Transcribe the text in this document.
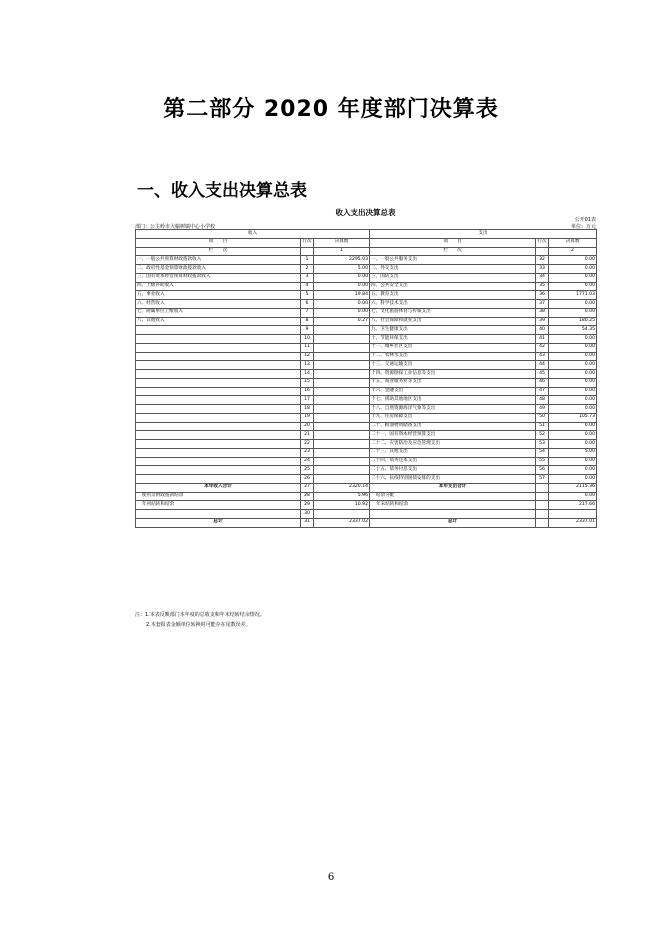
第二部分 2020 年度部门决算表
一、收入支出决算总表
收入支出决算总表
公开01表
单位：万元
部门：公主岭市大榆树镇中心小学校
收入			支出		
项　　目	行次	决算数	项　　目	行次	决算数
栏　　次		1	栏　　次		2
一、一般公共预算财政拨款收入	1	2295.03	一、一般公共服务支出	32	0.00
二、政府性基金预算财政拨款收入	2	5.00	二、外交支出	33	0.00
三、国有资本经营预算财政拨款收入	3	0.00	三、国防支出	34	0.00
四、上级补助收入	4	0.00	四、公共安全支出	35	0.00
五、事业收入	5	19.84	五、教育支出	36	1771.03
六、经营收入	6	0.00	六、科学技术支出	37	0.00
七、附属单位上缴收入	7	0.00	七、文化旅游体育与传媒支出	38	0.00
八、其他收入	8	0.27	八、社会保障和就业支出	39	180.25
	9		九、卫生健康支出	40	54.35
	10		十、节能环保支出	41	0.00
	11		十一、城乡社区支出	42	0.00
	12		十二、农林水支出	43	0.00
	13		十三、交通运输支出	44	0.00
	14		十四、资源勘探工业信息等支出	45	0.00
	15		十五、商业服务业等支出	46	0.00
	16		十六、金融支出	47	0.00
	17		十七、援助其他地区支出	48	0.00
	18		十八、自然资源海洋气象等支出	49	0.00
	19		十九、住房保障支出	50	105.73
	20		二十、粮油物资储备支出	51	0.00
	21		二十一、国有资本经营预算支出	52	0.00
	22		二十二、灾害防治及应急管理支出	53	0.00
	23		二十三、其他支出	54	5.00
	24		二十四、债务还本支出	55	0.00
	25		二十五、债务付息支出	56	0.00
	26		二十六、抗疫特别国债安排的支出	57	0.00
本年收入合计	27	2320.14	本年支出合计		2115.36
使用非财政拨款结余	28	5.96	结余分配		0.00
年初结转和结余	29	10.92	年末结转和结余		217.66
	30				
总计	31	2337.02	总计		2337.01
注：1.本表反映部门本年度的总收支和年末结转结余情况。
2.本套报表金额单位转换时可能存在尾数误差。
6
